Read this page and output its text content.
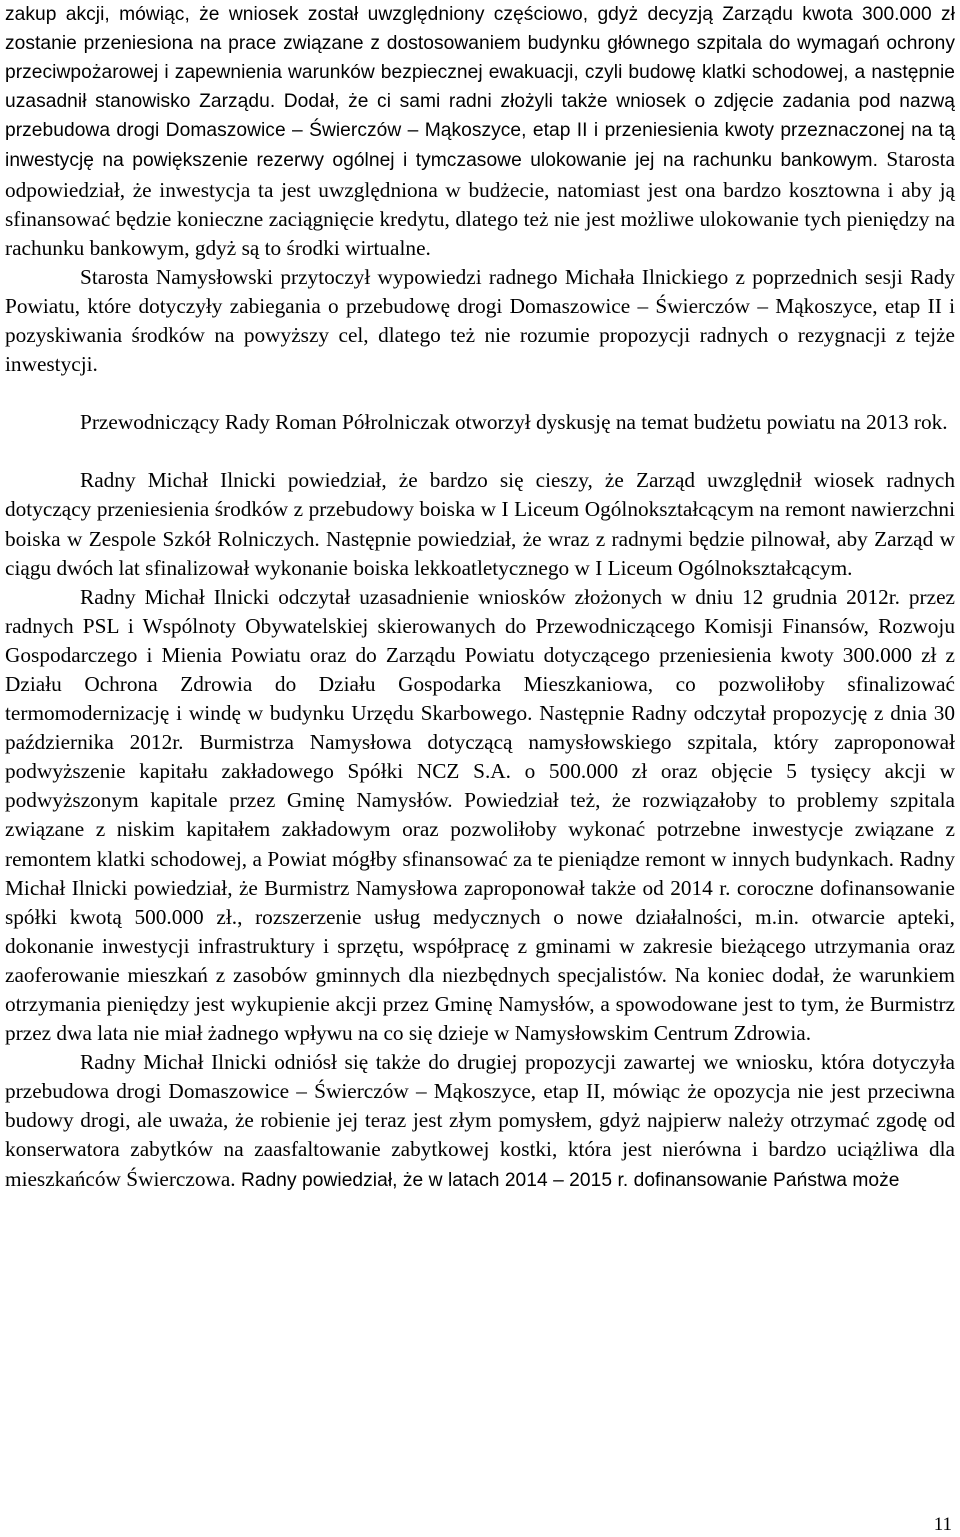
zakup akcji, mówiąc, że wniosek został uwzględniony częściowo, gdyż decyzją Zarządu kwota 300.000 zł zostanie przeniesiona na prace związane z dostosowaniem budynku głównego szpitala do wymagań ochrony przeciwpożarowej i zapewnienia warunków bezpiecznej ewakuacji, czyli budowę klatki schodowej, a następnie uzasadnił stanowisko Zarządu. Dodał, że ci sami radni złożyli także wniosek o zdjęcie zadania pod nazwą przebudowa drogi Domaszowice – Świerczów – Mąkoszyce, etap II i przeniesienia kwoty przeznaczonej na tą inwestycję na powiększenie rezerwy ogólnej i tymczasowe ulokowanie jej na rachunku bankowym. Starosta odpowiedział, że inwestycja ta jest uwzględniona w budżecie, natomiast jest ona bardzo kosztowna i aby ją sfinansować będzie konieczne zaciągnięcie kredytu, dlatego też nie jest możliwe ulokowanie tych pieniędzy na rachunku bankowym, gdyż są to środki wirtualne.

Starosta Namysłowski przytoczył wypowiedzi radnego Michała Ilnickiego z poprzednich sesji Rady Powiatu, które dotyczyły zabiegania o przebudowę drogi Domaszowice – Świerczów – Mąkoszyce, etap II i pozyskiwania środków na powyższy cel, dlatego też nie rozumie propozycji radnych o rezygnacji z tejże inwestycji.

Przewodniczący Rady Roman Półrolniczak otworzył dyskusję na temat budżetu powiatu na 2013 rok.

Radny Michał Ilnicki powiedział, że bardzo się cieszy, że Zarząd uwzględnił wiosek radnych dotyczący przeniesienia środków z przebudowy boiska w I Liceum Ogólnokształcącym na remont nawierzchni boiska w Zespole Szkół Rolniczych. Następnie powiedział, że wraz z radnymi będzie pilnował, aby Zarząd w ciągu dwóch lat sfinalizował wykonanie boiska lekkoatletycznego w I Liceum Ogólnokształcącym.

Radny Michał Ilnicki odczytał uzasadnienie wniosków złożonych w dniu 12 grudnia 2012r. przez radnych PSL i Wspólnoty Obywatelskiej skierowanych do Przewodniczącego Komisji Finansów, Rozwoju Gospodarczego i Mienia Powiatu oraz do Zarządu Powiatu dotyczącego przeniesienia kwoty 300.000 zł z Działu Ochrona Zdrowia do Działu Gospodarka Mieszkaniowa, co pozwoliłoby sfinalizować termomodernizację i windę w budynku Urzędu Skarbowego. Następnie Radny odczytał propozycję z dnia 30 października 2012r. Burmistrza Namysłowa dotyczącą namysłowskiego szpitala, który zaproponował podwyższenie kapitału zakładowego Spółki NCZ S.A. o 500.000 zł oraz objęcie 5 tysięcy akcji w podwyższonym kapitale przez Gminę Namysłów. Powiedział też, że rozwiązałoby to problemy szpitala związane z niskim kapitałem zakładowym oraz pozwoliłoby wykonać potrzebne inwestycje związane z remontem klatki schodowej, a Powiat mógłby sfinansować za te pieniądze remont w innych budynkach. Radny Michał Ilnicki powiedział, że Burmistrz Namysłowa zaproponował także od 2014 r. coroczne dofinansowanie spółki kwotą 500.000 zł., rozszerzenie usług medycznych o nowe działalności, m.in. otwarcie apteki, dokonanie inwestycji infrastruktury i sprzętu, współpracę z gminami w zakresie bieżącego utrzymania oraz zaoferowanie mieszkań z zasobów gminnych dla niezbędnych specjalistów. Na koniec dodał, że warunkiem otrzymania pieniędzy jest wykupienie akcji przez Gminę Namysłów, a spowodowane jest to tym, że Burmistrz przez dwa lata nie miał żadnego wpływu na co się dzieje w Namysłowskim Centrum Zdrowia.

Radny Michał Ilnicki odniósł się także do drugiej propozycji zawartej we wniosku, która dotyczyła przebudowa drogi Domaszowice – Świerczów – Mąkoszyce, etap II, mówiąc że opozycja nie jest przeciwna budowy drogi, ale uważa, że robienie jej teraz jest złym pomysłem, gdyż najpierw należy otrzymać zgodę od konserwatora zabytków na zaasfaltowanie zabytkowej kostki, która jest nierówna i bardzo uciążliwa dla mieszkańców Świerczowa. Radny powiedział, że w latach 2014 – 2015 r. dofinansowanie Państwa może

11
